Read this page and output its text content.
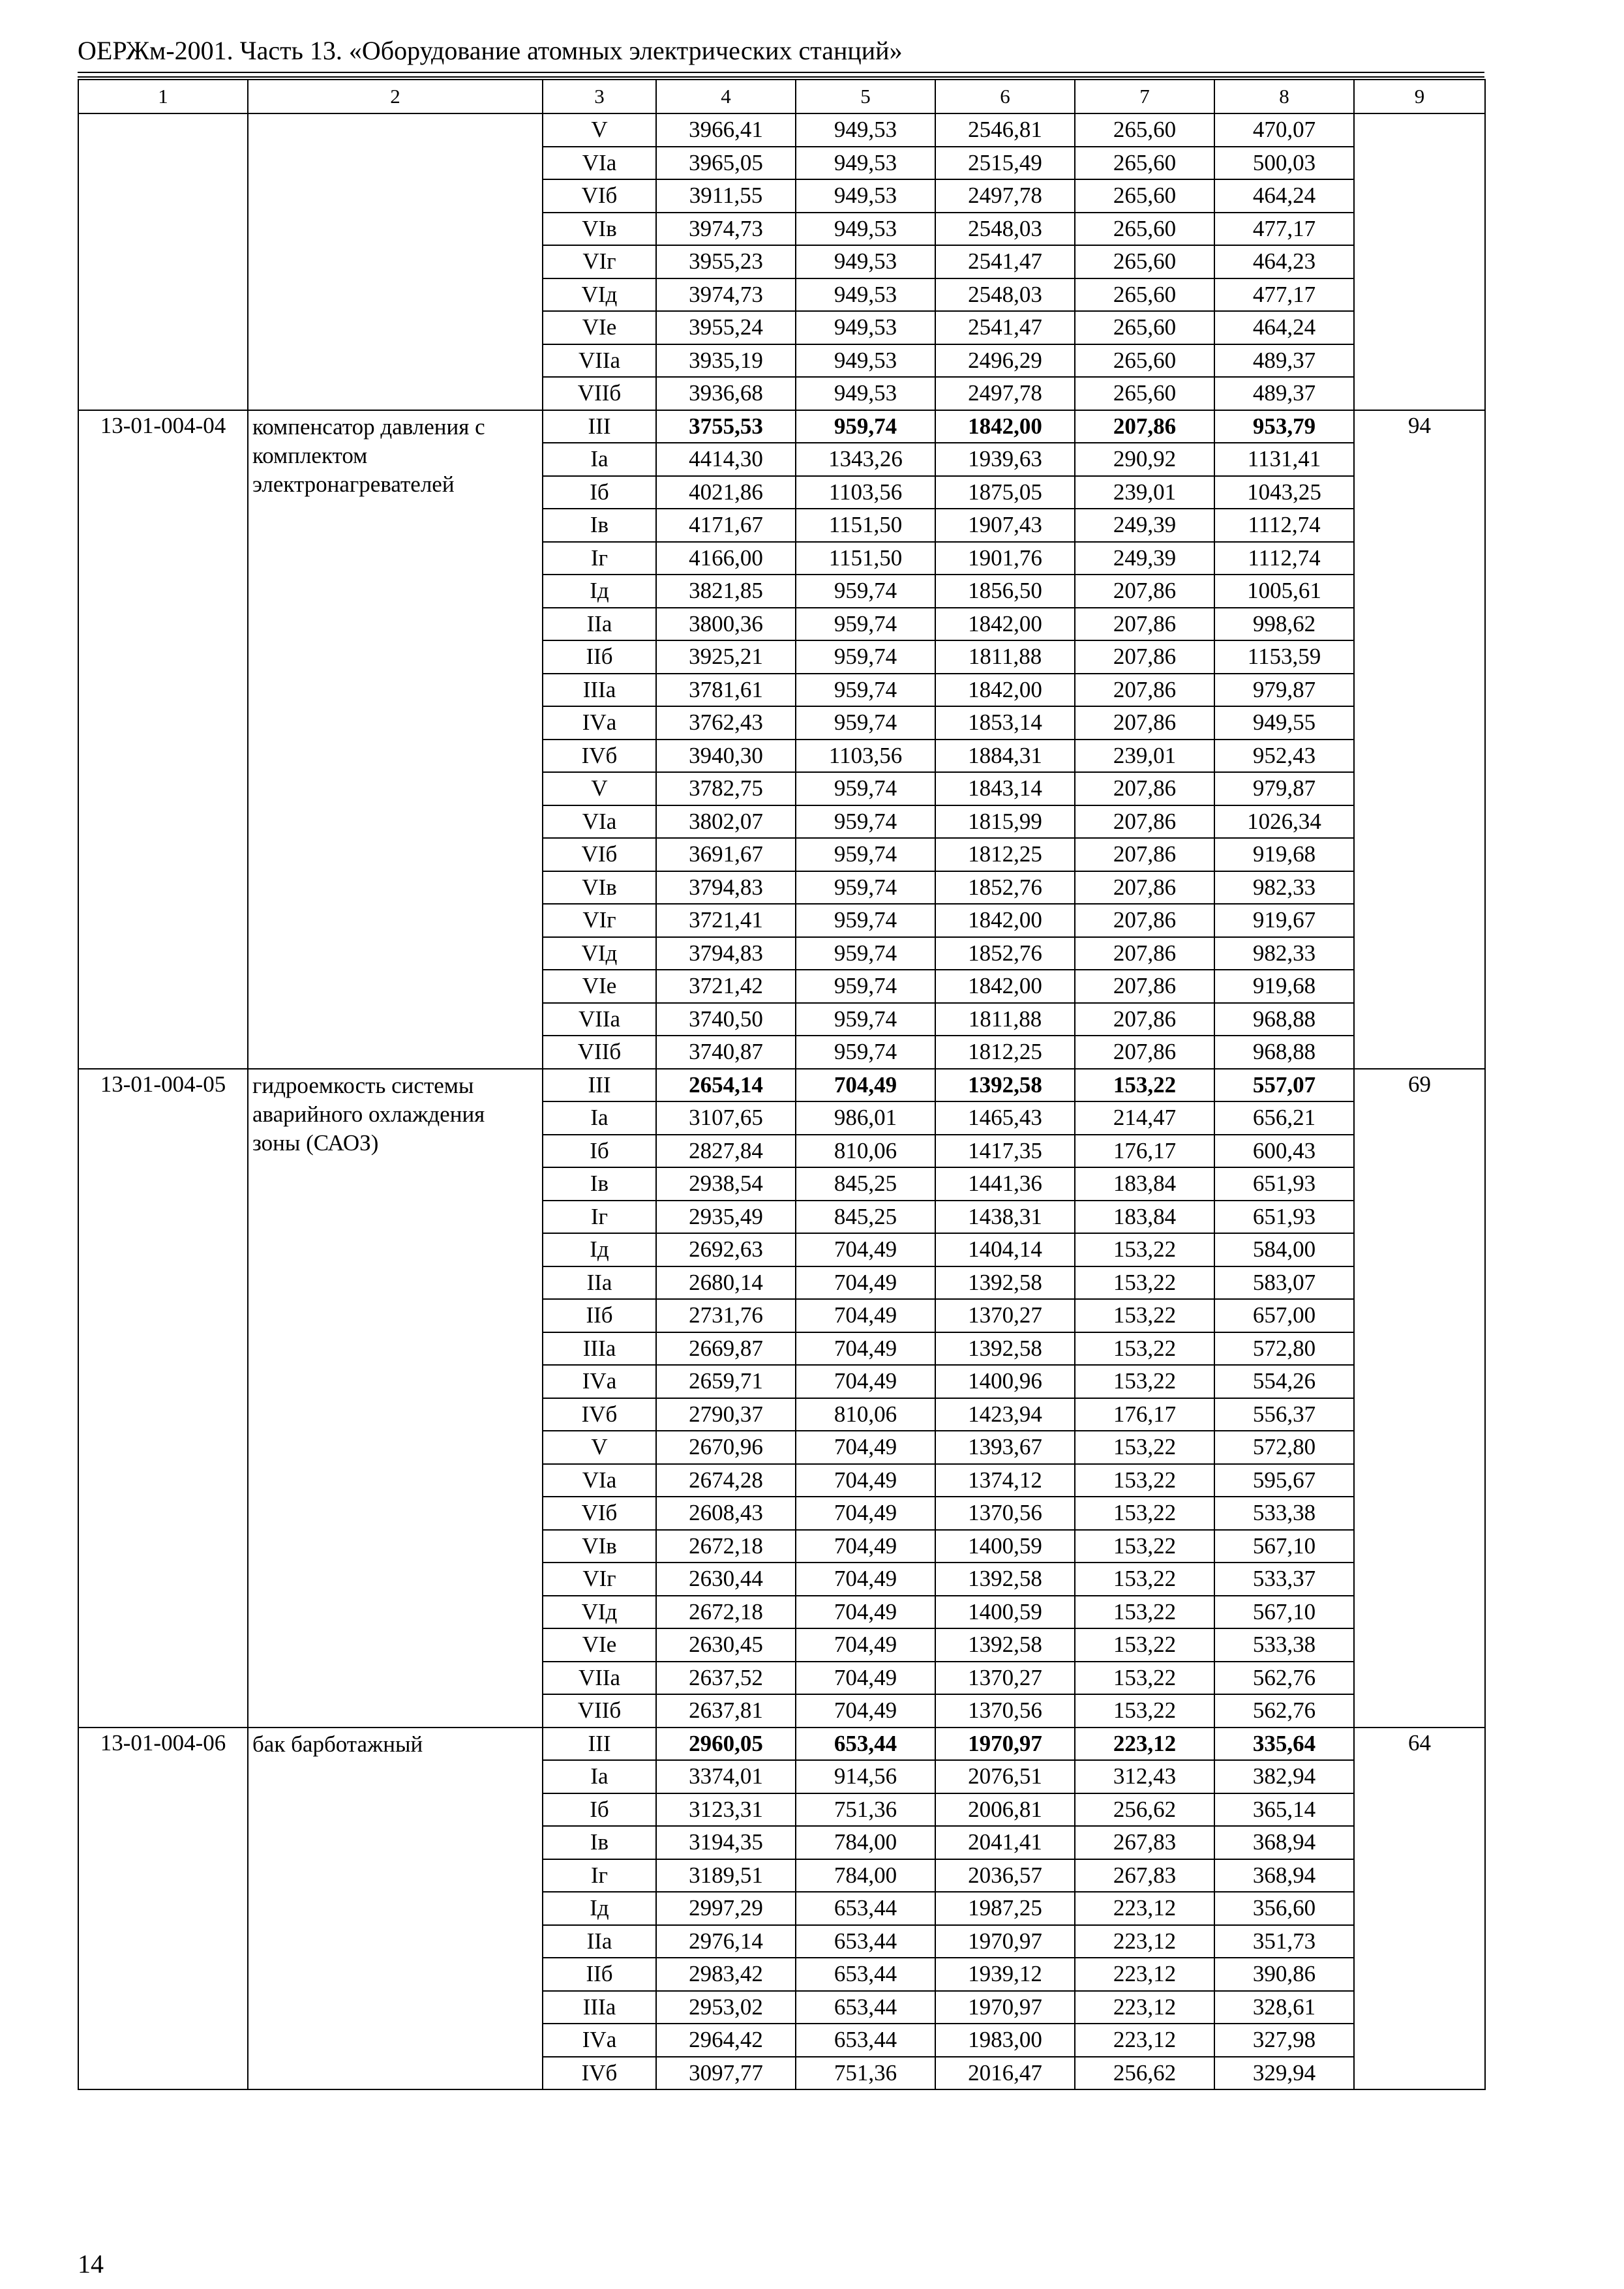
ОЕРЖм-2001. Часть 13. «Оборудование атомных электрических станций»
1	2	3	4	5	6	7	8	9
		V	3966,41	949,53	2546,81	265,60	470,07	
		VIа	3965,05	949,53	2515,49	265,60	500,03	
		VIб	3911,55	949,53	2497,78	265,60	464,24	
		VIв	3974,73	949,53	2548,03	265,60	477,17	
		VIг	3955,23	949,53	2541,47	265,60	464,23	
		VIд	3974,73	949,53	2548,03	265,60	477,17	
		VIе	3955,24	949,53	2541,47	265,60	464,24	
		VIIа	3935,19	949,53	2496,29	265,60	489,37	
		VIIб	3936,68	949,53	2497,78	265,60	489,37	
13-01-004-04	компенсатор давления с комплектом электронагревателей	III	3755,53	959,74	1842,00	207,86	953,79	94
		Iа	4414,30	1343,26	1939,63	290,92	1131,41	
		Iб	4021,86	1103,56	1875,05	239,01	1043,25	
		Iв	4171,67	1151,50	1907,43	249,39	1112,74	
		Iг	4166,00	1151,50	1901,76	249,39	1112,74	
		Iд	3821,85	959,74	1856,50	207,86	1005,61	
		IIа	3800,36	959,74	1842,00	207,86	998,62	
		IIб	3925,21	959,74	1811,88	207,86	1153,59	
		IIIа	3781,61	959,74	1842,00	207,86	979,87	
		IVа	3762,43	959,74	1853,14	207,86	949,55	
		IVб	3940,30	1103,56	1884,31	239,01	952,43	
		V	3782,75	959,74	1843,14	207,86	979,87	
		VIа	3802,07	959,74	1815,99	207,86	1026,34	
		VIб	3691,67	959,74	1812,25	207,86	919,68	
		VIв	3794,83	959,74	1852,76	207,86	982,33	
		VIг	3721,41	959,74	1842,00	207,86	919,67	
		VIд	3794,83	959,74	1852,76	207,86	982,33	
		VIе	3721,42	959,74	1842,00	207,86	919,68	
		VIIа	3740,50	959,74	1811,88	207,86	968,88	
		VIIб	3740,87	959,74	1812,25	207,86	968,88	
13-01-004-05	гидроемкость системы аварийного охлаждения зоны (САОЗ)	III	2654,14	704,49	1392,58	153,22	557,07	69
		Iа	3107,65	986,01	1465,43	214,47	656,21	
		Iб	2827,84	810,06	1417,35	176,17	600,43	
		Iв	2938,54	845,25	1441,36	183,84	651,93	
		Iг	2935,49	845,25	1438,31	183,84	651,93	
		Iд	2692,63	704,49	1404,14	153,22	584,00	
		IIа	2680,14	704,49	1392,58	153,22	583,07	
		IIб	2731,76	704,49	1370,27	153,22	657,00	
		IIIа	2669,87	704,49	1392,58	153,22	572,80	
		IVа	2659,71	704,49	1400,96	153,22	554,26	
		IVб	2790,37	810,06	1423,94	176,17	556,37	
		V	2670,96	704,49	1393,67	153,22	572,80	
		VIа	2674,28	704,49	1374,12	153,22	595,67	
		VIб	2608,43	704,49	1370,56	153,22	533,38	
		VIв	2672,18	704,49	1400,59	153,22	567,10	
		VIг	2630,44	704,49	1392,58	153,22	533,37	
		VIд	2672,18	704,49	1400,59	153,22	567,10	
		VIе	2630,45	704,49	1392,58	153,22	533,38	
		VIIа	2637,52	704,49	1370,27	153,22	562,76	
		VIIб	2637,81	704,49	1370,56	153,22	562,76	
13-01-004-06	бак барботажный	III	2960,05	653,44	1970,97	223,12	335,64	64
		Iа	3374,01	914,56	2076,51	312,43	382,94	
		Iб	3123,31	751,36	2006,81	256,62	365,14	
		Iв	3194,35	784,00	2041,41	267,83	368,94	
		Iг	3189,51	784,00	2036,57	267,83	368,94	
		Iд	2997,29	653,44	1987,25	223,12	356,60	
		IIа	2976,14	653,44	1970,97	223,12	351,73	
		IIб	2983,42	653,44	1939,12	223,12	390,86	
		IIIа	2953,02	653,44	1970,97	223,12	328,61	
		IVа	2964,42	653,44	1983,00	223,12	327,98	
		IVб	3097,77	751,36	2016,47	256,62	329,94	
14
